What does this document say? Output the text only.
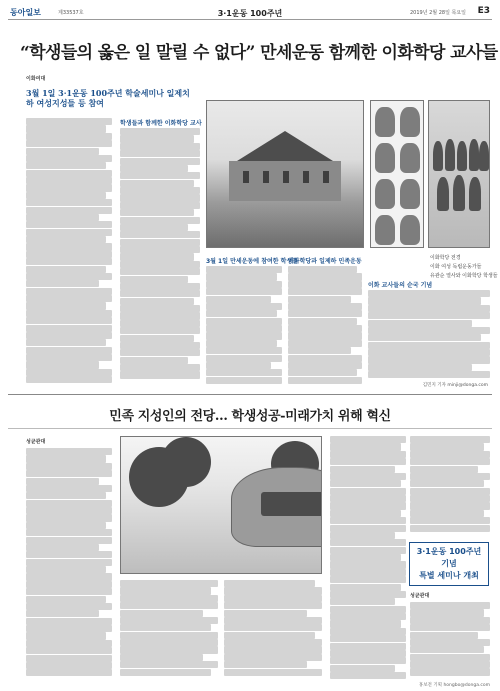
동아일보	제33537호	3·1운동 100주년	2019년 2월 28일 목요일 E3
“학생들의 옳은 일 말릴 수 없다” 만세운동 함께한 이화학당 교사들
이화여대
3월 1일 3·1운동 100주년 학술세미나 일제치하 여성지성들 등 참여
학생들과 함께한 이화학당 교사
이화학당 전경
이화 여성 독립운동가들
유관순 열사와 이화학당 학생들
3월 1일 만세운동에 참여한 학생들
이화학당과 일제하 민족운동
이화 교사들의 순국 기념
김민지 기자 minji@donga.com
민족 지성인의 전당… 학생성공-미래가치 위해 혁신
성균관대
3·1운동 100주년 기념
특별 세미나 개최
성균관대
홍보전 기획 hongbo@donga.com
